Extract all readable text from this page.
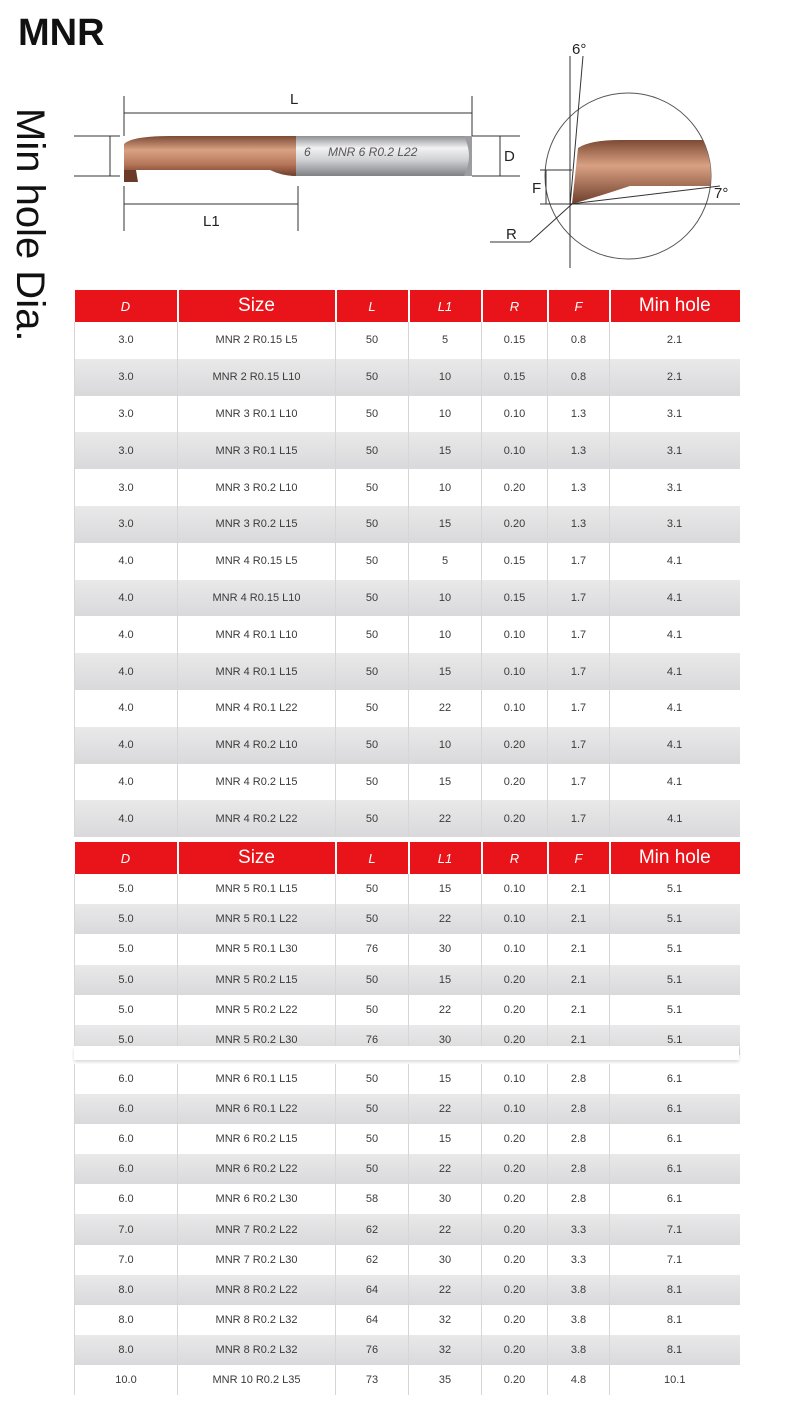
MNR
Min hole Dia.
L
D
6 MNR 6 R0.2 L22
L1
6°
7°
F
R
D	Size	L	L1	R	F	Min hole
3.0	MNR 2 R0.15 L5	50	5	0.15	0.8	2.1
3.0	MNR 2 R0.15 L10	50	10	0.15	0.8	2.1
3.0	MNR 3 R0.1 L10	50	10	0.10	1.3	3.1
3.0	MNR 3 R0.1 L15	50	15	0.10	1.3	3.1
3.0	MNR 3 R0.2 L10	50	10	0.20	1.3	3.1
3.0	MNR 3 R0.2 L15	50	15	0.20	1.3	3.1
4.0	MNR 4 R0.15 L5	50	5	0.15	1.7	4.1
4.0	MNR 4 R0.15 L10	50	10	0.15	1.7	4.1
4.0	MNR 4 R0.1 L10	50	10	0.10	1.7	4.1
4.0	MNR 4 R0.1 L15	50	15	0.10	1.7	4.1
4.0	MNR 4 R0.1 L22	50	22	0.10	1.7	4.1
4.0	MNR 4 R0.2 L10	50	10	0.20	1.7	4.1
4.0	MNR 4 R0.2 L15	50	15	0.20	1.7	4.1
4.0	MNR 4 R0.2 L22	50	22	0.20	1.7	4.1
D	Size	L	L1	R	F	Min hole
5.0	MNR 5 R0.1 L15	50	15	0.10	2.1	5.1
5.0	MNR 5 R0.1 L22	50	22	0.10	2.1	5.1
5.0	MNR 5 R0.1 L30	76	30	0.10	2.1	5.1
5.0	MNR 5 R0.2 L15	50	15	0.20	2.1	5.1
5.0	MNR 5 R0.2 L22	50	22	0.20	2.1	5.1
5.0	MNR 5 R0.2 L30	76	30	0.20	2.1	5.1
6.0	MNR 6 R0.1 L15	50	15	0.10	2.8	6.1
6.0	MNR 6 R0.1 L22	50	22	0.10	2.8	6.1
6.0	MNR 6 R0.2 L15	50	15	0.20	2.8	6.1
6.0	MNR 6 R0.2 L22	50	22	0.20	2.8	6.1
6.0	MNR 6 R0.2 L30	58	30	0.20	2.8	6.1
7.0	MNR 7 R0.2 L22	62	22	0.20	3.3	7.1
7.0	MNR 7 R0.2 L30	62	30	0.20	3.3	7.1
8.0	MNR 8 R0.2 L22	64	22	0.20	3.8	8.1
8.0	MNR 8 R0.2 L32	64	32	0.20	3.8	8.1
8.0	MNR 8 R0.2 L32	76	32	0.20	3.8	8.1
10.0	MNR 10 R0.2 L35	73	35	0.20	4.8	10.1
